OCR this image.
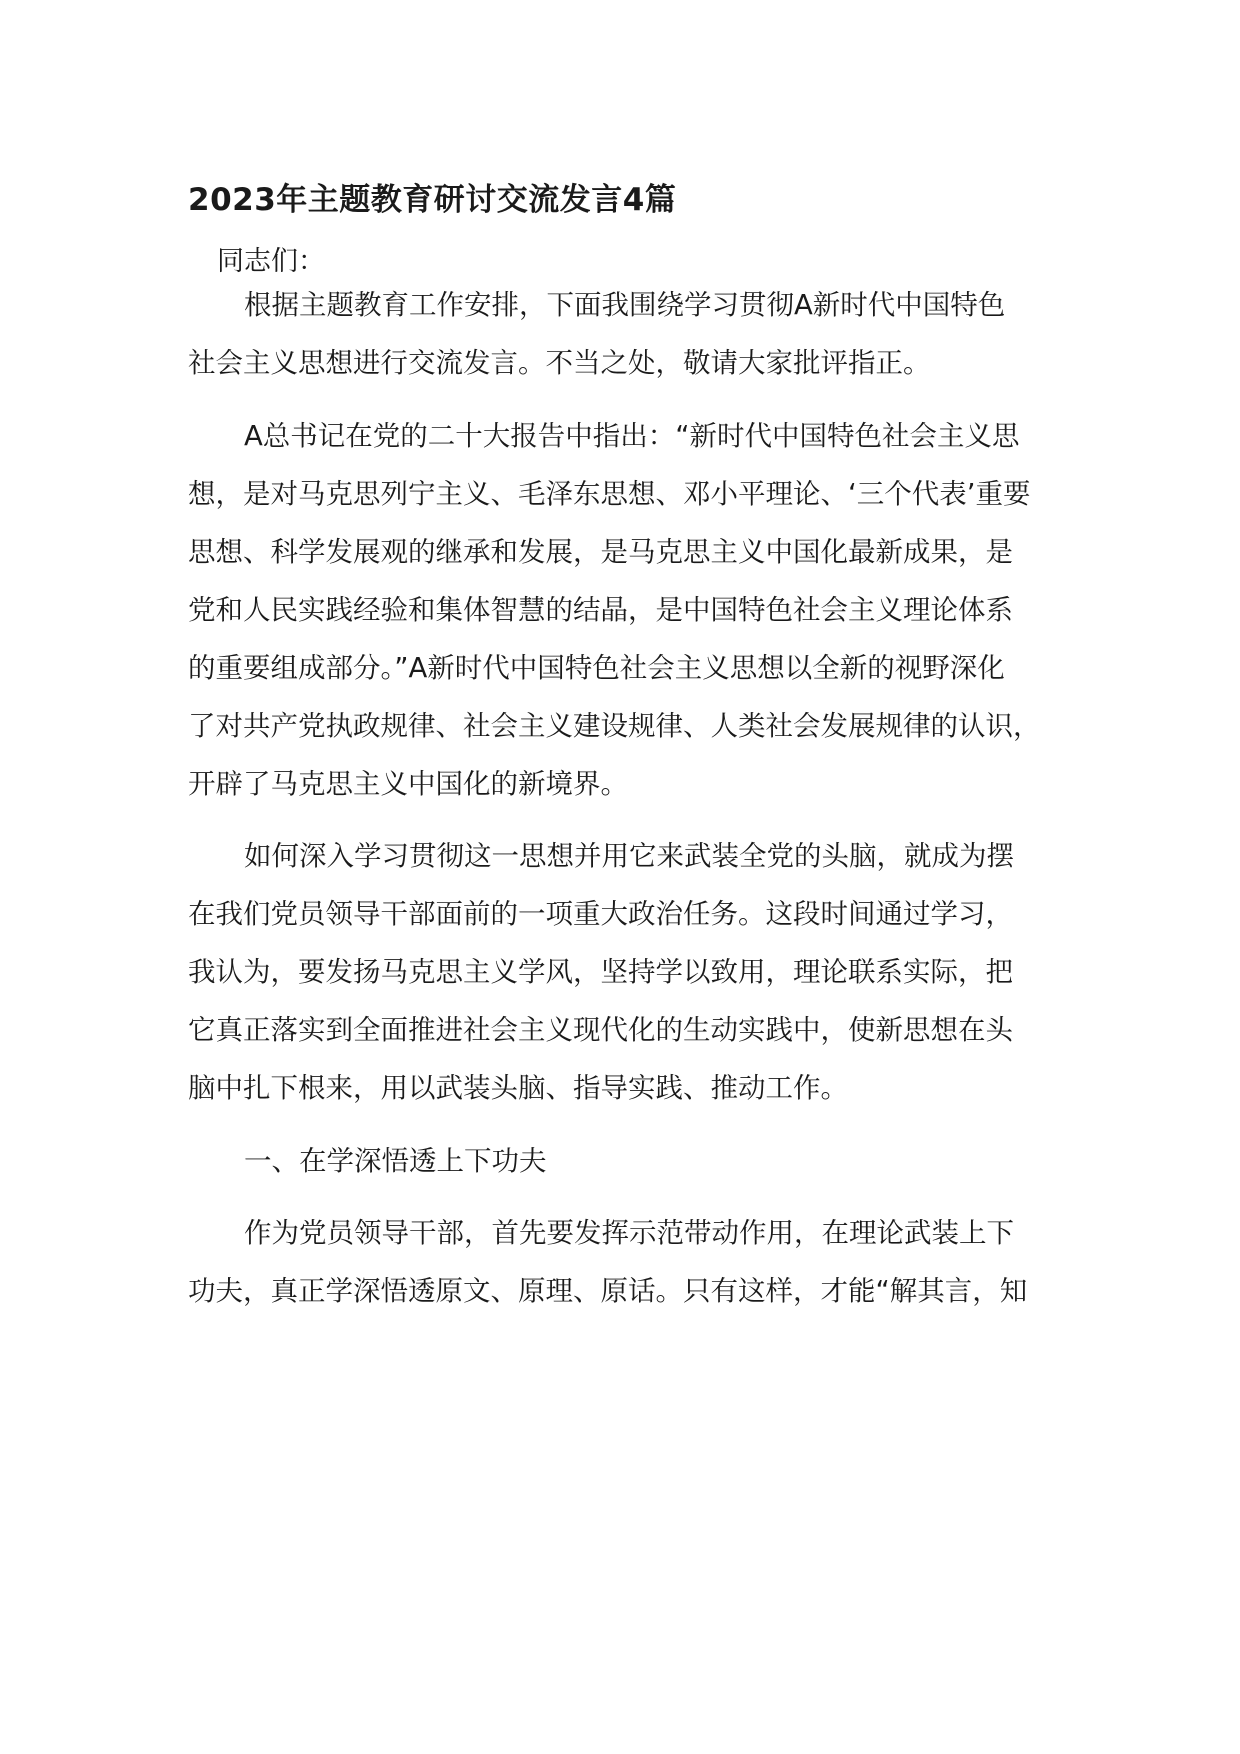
2023年主题教育研讨交流发言4篇

同志们：

根据主题教育工作安排，下面我围绕学习贯彻A新时代中国特色

社会主义思想进行交流发言。不当之处，敬请大家批评指正。

A总书记在党的二十大报告中指出：“新时代中国特色社会主义思

想，是对马克思列宁主义、毛泽东思想、邓小平理论、‘三个代表’重要

思想、科学发展观的继承和发展，是马克思主义中国化最新成果，是

党和人民实践经验和集体智慧的结晶，是中国特色社会主义理论体系

的重要组成部分。”A新时代中国特色社会主义思想以全新的视野深化

了对共产党执政规律、社会主义建设规律、人类社会发展规律的认识，

开辟了马克思主义中国化的新境界。

如何深入学习贯彻这一思想并用它来武装全党的头脑，就成为摆

在我们党员领导干部面前的一项重大政治任务。这段时间通过学习，

我认为，要发扬马克思主义学风，坚持学以致用，理论联系实际，把

它真正落实到全面推进社会主义现代化的生动实践中，使新思想在头

脑中扎下根来，用以武装头脑、指导实践、推动工作。

一、在学深悟透上下功夫

作为党员领导干部，首先要发挥示范带动作用，在理论武装上下

功夫，真正学深悟透原文、原理、原话。只有这样，才能“解其言，知
